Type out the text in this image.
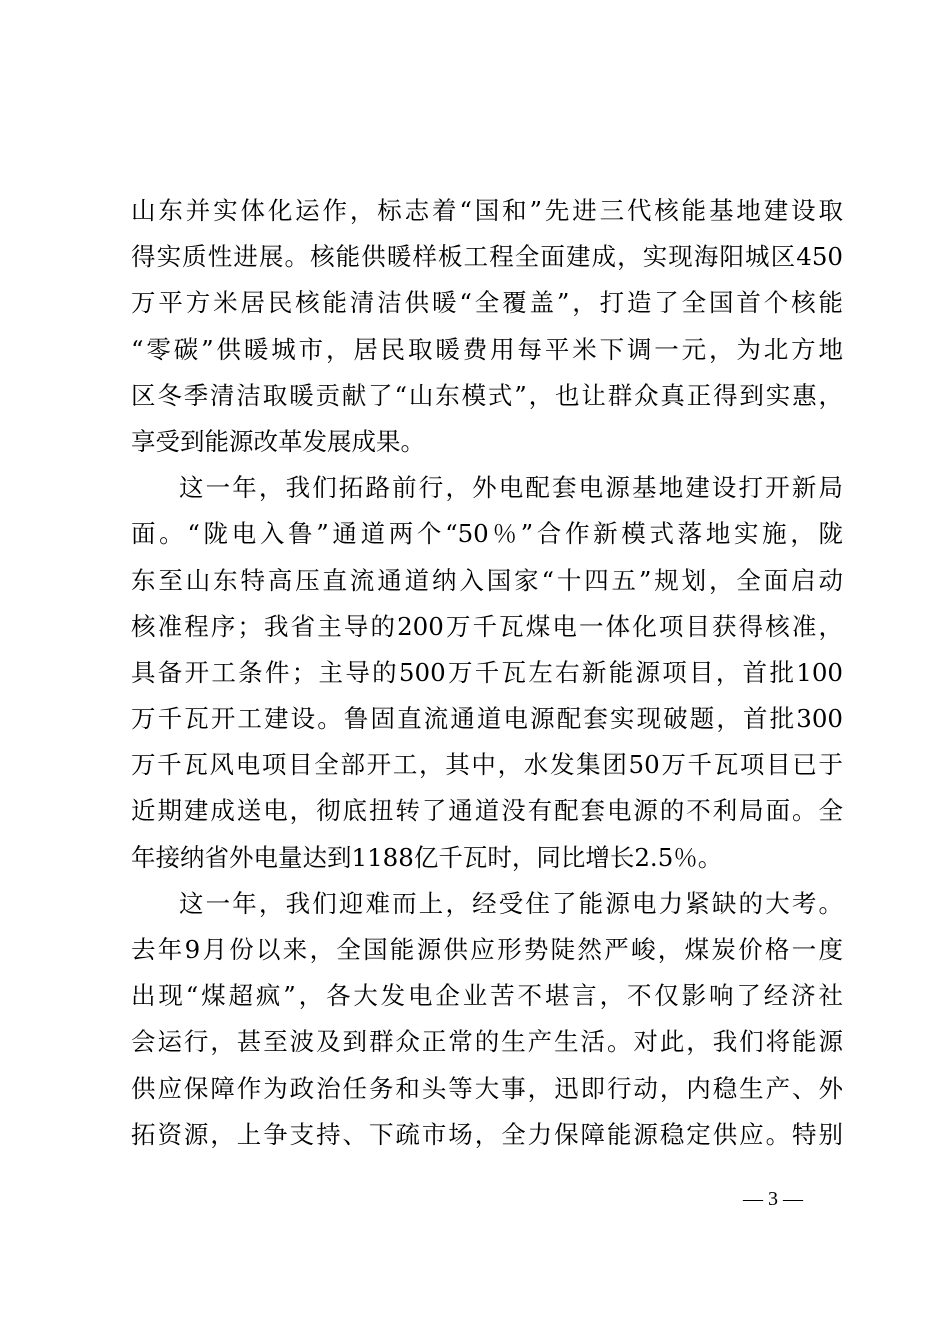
山东并实体化运作，标志着“国和”先进三代核能基地建设取
得实质性进展。核能供暖样板工程全面建成，实现海阳城区450
万平方米居民核能清洁供暖“全覆盖”，打造了全国首个核能
“零碳”供暖城市，居民取暖费用每平米下调一元，为北方地
区冬季清洁取暖贡献了“山东模式”，也让群众真正得到实惠，
享受到能源改革发展成果。
这一年，我们拓路前行，外电配套电源基地建设打开新局
面。“陇电入鲁”通道两个“50％”合作新模式落地实施，陇
东至山东特高压直流通道纳入国家“十四五”规划，全面启动
核准程序；我省主导的200万千瓦煤电一体化项目获得核准，
具备开工条件；主导的500万千瓦左右新能源项目，首批100
万千瓦开工建设。鲁固直流通道电源配套实现破题，首批300
万千瓦风电项目全部开工，其中，水发集团50万千瓦项目已于
近期建成送电，彻底扭转了通道没有配套电源的不利局面。全
年接纳省外电量达到1188亿千瓦时，同比增长2.5％。
这一年，我们迎难而上，经受住了能源电力紧缺的大考。
去年9月份以来，全国能源供应形势陡然严峻，煤炭价格一度
出现“煤超疯”，各大发电企业苦不堪言，不仅影响了经济社
会运行，甚至波及到群众正常的生产生活。对此，我们将能源
供应保障作为政治任务和头等大事，迅即行动，内稳生产、外
拓资源，上争支持、下疏市场，全力保障能源稳定供应。特别
— 3 —
